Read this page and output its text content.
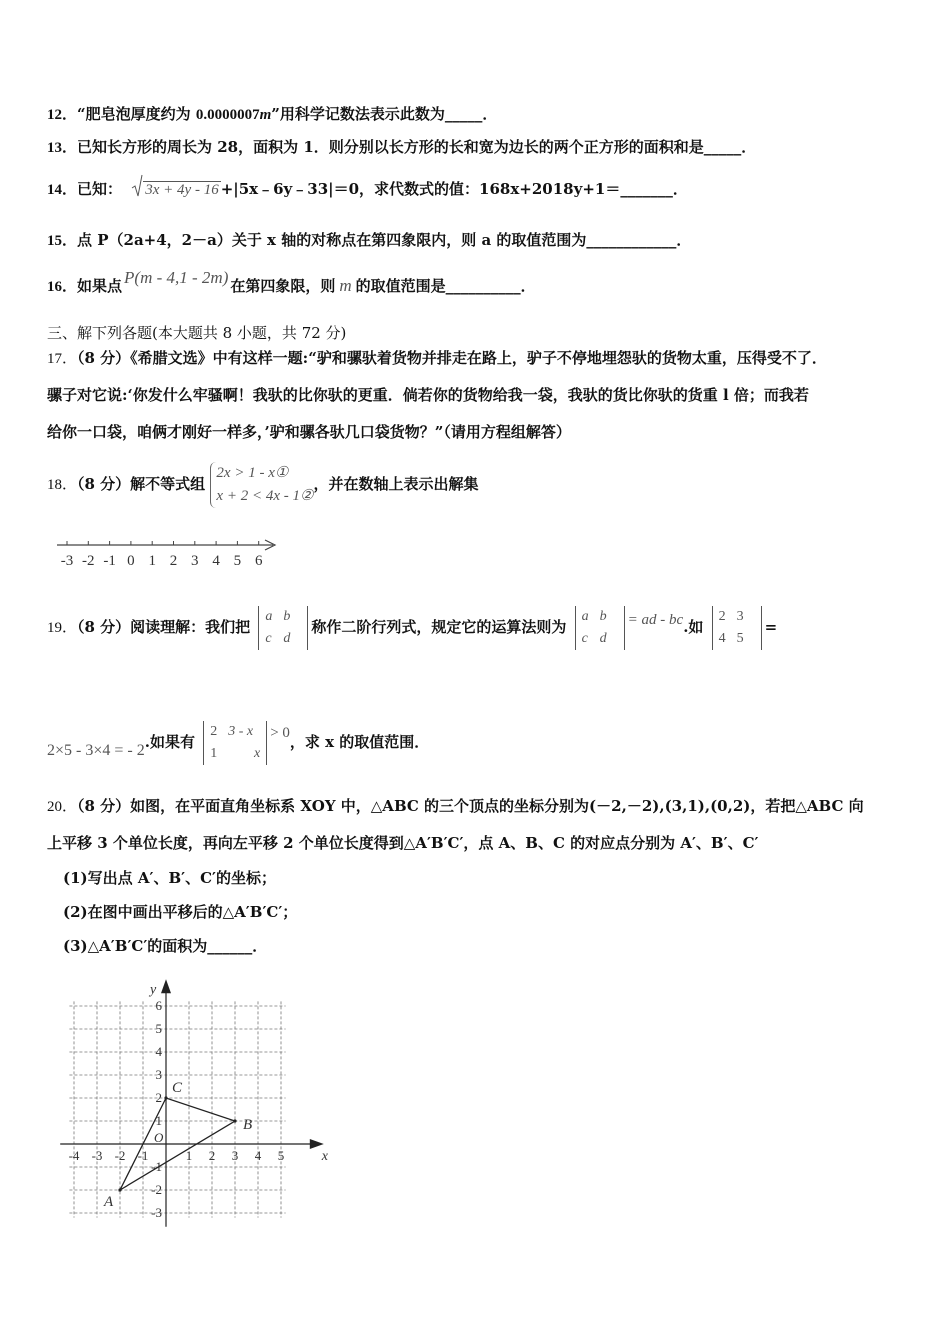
12．“肥皂泡厚度约为 0.0000007m”用科学记数法表示此数为_____．
13．已知长方形的周长为 28，面积为 1．则分别以长方形的长和宽为边长的两个正方形的面积和是_____．
14．已知： 3x + 4y - 16 +|5x﹣6y﹣33|＝0，求代数式的值：168x+2018y+1＝_______．
15．点 P（2a+4，2－a）关于 x 轴的对称点在第四象限内，则 a 的取值范围为____________．
16．如果点 P(m - 4,1 - 2m) 在第四象限，则 m 的取值范围是__________．
三、解下列各题(本大题共 8 小题，共 72 分)
17．（8 分）《希腊文选》中有这样一题:“驴和骡驮着货物并排走在路上，驴子不停地埋怨驮的货物太重，压得受不了．
骡子对它说:‘你发什么牢骚啊！我驮的比你驮的更重．倘若你的货物给我一袋，我驮的货比你驮的货重 l 倍；而我若
给你一口袋，咱俩才刚好一样多，’驴和骡各驮几口袋货物？”（请用方程组解答）
18．（8 分）解不等式组
2x > 1 - x①
x + 2 < 4x - 1②
，并在数轴上表示出解集
-3 -2 -1 0 1 2 3 4 5 6
19．（8 分）阅读理解：我们把 a b
c d称作二阶行列式，规定它的运算法则为 a b
c d= ad - bc.如 2 3
4 5=
2×5 - 3×4 = - 2.如果有 2 3 - x
1	x> 0，求 x 的取值范围．
20．（8 分）如图，在平面直角坐标系 XOY 中，△ABC 的三个顶点的坐标分别为(－2,－2),(3,1),(0,2)，若把△ABC 向
上平移 3 个单位长度，再向左平移 2 个单位长度得到△A′B′C′，点 A、B、C 的对应点分别为 A′、B′、C′
(1)写出点 A′、B′、C′的坐标；
(2)在图中画出平移后的△A′B′C′；
(3)△A′B′C′的面积为______．
x
y
O
-4 -3 -2 -1	1 2 3 4 5
-3
-2
-1
1
2
3
4
5
6
A
B
C
